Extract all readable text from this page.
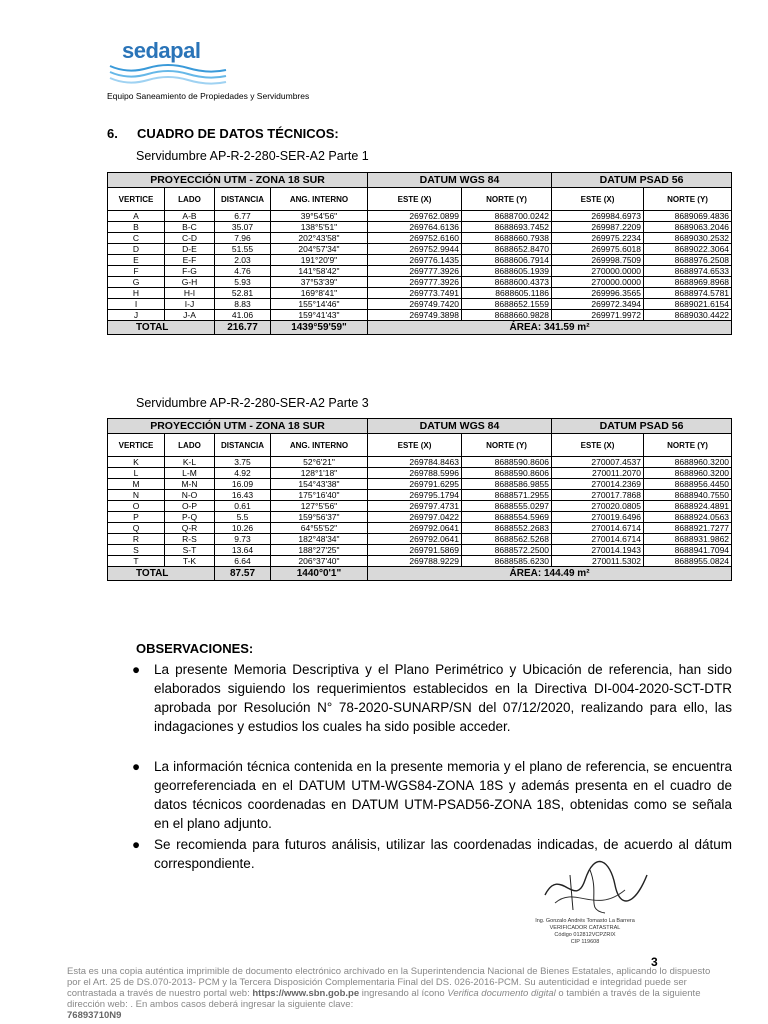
sedapal
Equipo Saneamiento de Propiedades y Servidumbres
6. CUADRO DE DATOS TÉCNICOS:
Servidumbre AP-R-2-280-SER-A2 Parte 1
PROYECCIÓN UTM - ZONA 18 SUR				DATUM WGS 84		DATUM PSAD 56	
VERTICE	LADO	DISTANCIA	ANG. INTERNO	ESTE (X)	NORTE (Y)	ESTE (X)	NORTE (Y)
A	A-B	6.77	39°54'56"	269762.0899	8688700.0242	269984.6973	8689069.4836
B	B-C	35.07	138°5'51"	269764.6136	8688693.7452	269987.2209	8689063.2046
C	C-D	7.96	202°43'58"	269752.6160	8688660.7938	269975.2234	8689030.2532
D	D-E	51.55	204°57'34"	269752.9944	8688652.8470	269975.6018	8689022.3064
E	E-F	2.03	191°20'9"	269776.1435	8688606.7914	269998.7509	8688976.2508
F	F-G	4.76	141°58'42"	269777.3926	8688605.1939	270000.0000	8688974.6533
G	G-H	5.93	37°53'39"	269777.3926	8688600.4373	270000.0000	8688969.8968
H	H-I	52.81	169°8'41"	269773.7491	8688605.1186	269996.3565	8688974.5781
I	I-J	8.83	155°14'46"	269749.7420	8688652.1559	269972.3494	8689021.6154
J	J-A	41.06	159°41'43"	269749.3898	8688660.9828	269971.9972	8689030.4422
TOTAL		216.77	1439°59'59"	ÁREA: 341.59 m²			
Servidumbre AP-R-2-280-SER-A2 Parte 3
PROYECCIÓN UTM - ZONA 18 SUR				DATUM WGS 84		DATUM PSAD 56	
VERTICE	LADO	DISTANCIA	ANG. INTERNO	ESTE (X)	NORTE (Y)	ESTE (X)	NORTE (Y)
K	K-L	3.75	52°6'21"	269784.8463	8688590.8606	270007.4537	8688960.3200
L	L-M	4.92	128°1'18"	269788.5996	8688590.8606	270011.2070	8688960.3200
M	M-N	16.09	154°43'38"	269791.6295	8688586.9855	270014.2369	8688956.4450
N	N-O	16.43	175°16'40"	269795.1794	8688571.2955	270017.7868	8688940.7550
O	O-P	0.61	127°5'56"	269797.4731	8688555.0297	270020.0805	8688924.4891
P	P-Q	5.5	159°56'37"	269797.0422	8688554.5969	270019.6496	8688924.0563
Q	Q-R	10.26	64°55'52"	269792.0641	8688552.2683	270014.6714	8688921.7277
R	R-S	9.73	182°48'34"	269792.0641	8688562.5268	270014.6714	8688931.9862
S	S-T	13.64	188°27'25"	269791.5869	8688572.2500	270014.1943	8688941.7094
T	T-K	6.64	206°37'40"	269788.9229	8688585.6230	270011.5302	8688955.0824
TOTAL		87.57	1440°0'1"	ÁREA: 144.49 m²			
OBSERVACIONES:
● La presente Memoria Descriptiva y el Plano Perimétrico y Ubicación de referencia, han sido elaborados siguiendo los requerimientos establecidos en la Directiva DI-004-2020-SCT-DTR aprobada por Resolución N° 78-2020-SUNARP/SN del 07/12/2020, realizando para ello, las indagaciones y estudios los cuales ha sido posible acceder.
● La información técnica contenida en la presente memoria y el plano de referencia, se encuentra georreferenciada en el DATUM UTM-WGS84-ZONA 18S y además presenta en el cuadro de datos técnicos coordenadas en DATUM UTM-PSAD56-ZONA 18S, obtenidas como se señala en el plano adjunto.
● Se recomienda para futuros análisis, utilizar las coordenadas indicadas, de acuerdo al dátum correspondiente.
Ing. Gonzalo Andrés Tomasto La Barrera
VERIFICADOR CATASTRAL
Código 012812VCPZRIX
CIP 119608
3
Esta es una copia auténtica imprimible de documento electrónico archivado en la Superintendencia Nacional de Bienes Estatales, aplicando lo dispuesto por el Art. 25 de DS.070-2013- PCM y la Tercera Disposición Complementaria Final del DS. 026-2016-PCM. Su autenticidad e integridad puede ser contrastada a través de nuestro portal web: https://www.sbn.gob.pe ingresando al ícono Verifica documento digital o también a través de la siguiente dirección web: . En ambos casos deberá ingresar la siguiente clave:
76893710N9
